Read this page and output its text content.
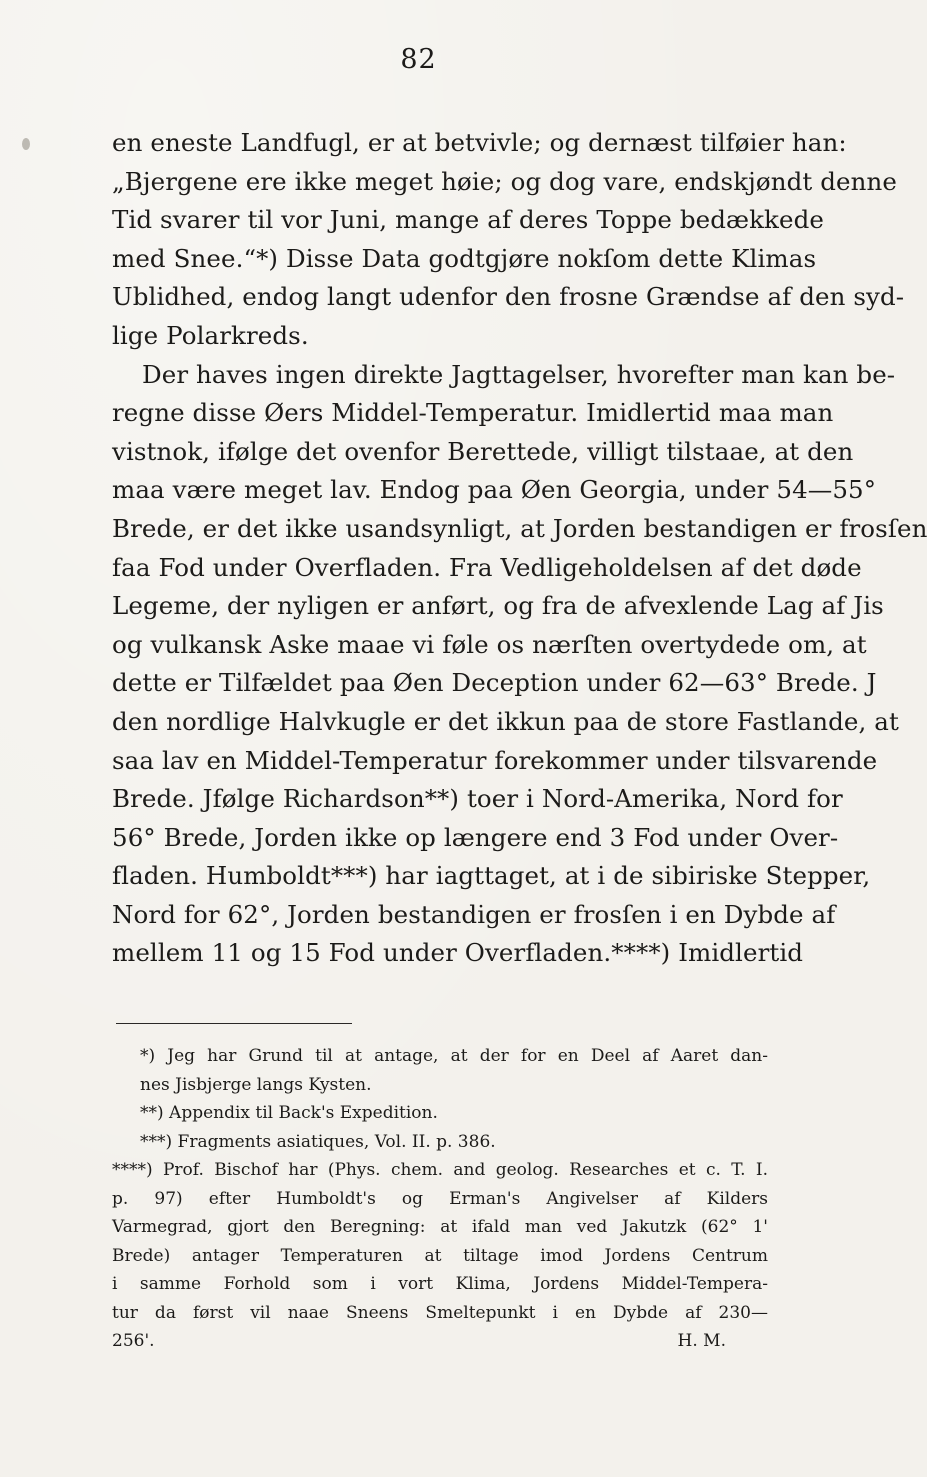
82
en eneste Landfugl, er at betvivle; og dernæst tilføier han:
„Bjergene ere ikke meget høie; og dog vare, endskjøndt denne
Tid svarer til vor Juni, mange af deres Toppe bedækkede
med Snee.“*) Disse Data godtgjøre nokſom dette Klimas
Ublidhed, endog langt udenfor den frosne Grændse af den syd-
lige Polarkreds.
Der haves ingen direkte Jagttagelser, hvorefter man kan be-
regne disse Øers Middel-Temperatur. Imidlertid maa man
vistnok, ifølge det ovenfor Berettede, villigt tilstaae, at den
maa være meget lav. Endog paa Øen Georgia, under 54—55°
Brede, er det ikke usandsynligt, at Jorden bestandigen er frosſen
faa Fod under Overfladen. Fra Vedligeholdelsen af det døde
Legeme, der nyligen er anført, og fra de afvexlende Lag af Jis
og vulkansk Aske maae vi føle os nærſten overtydede om, at
dette er Tilfældet paa Øen Deception under 62—63° Brede. J
den nordlige Halvkugle er det ikkun paa de store Fastlande, at
saa lav en Middel-Temperatur forekommer under tilsvarende
Brede. Jfølge Richardson**) toer i Nord-Amerika, Nord for
56° Brede, Jorden ikke op længere end 3 Fod under Over-
fladen. Humboldt***) har iagttaget, at i de sibiriske Stepper,
Nord for 62°, Jorden bestandigen er frosſen i en Dybde af
mellem 11 og 15 Fod under Overfladen.****) Imidlertid
*) Jeg har Grund til at antage, at der for en Deel af Aaret dan-
nes Jisbjerge langs Kysten.
**) Appendix til Back's Expedition.
***) Fragments asiatiques, Vol. II. p. 386.
****) Prof. Bischof har (Phys. chem. and geolog. Researches et c. T. I.
p. 97) efter Humboldt's og Erman's Angivelser af Kilders
Varmegrad, gjort den Beregning: at ifald man ved Jakutzk (62° 1'
Brede) antager Temperaturen at tiltage imod Jordens Centrum
i samme Forhold som i vort Klima, Jordens Middel-Tempera-
tur da først vil naae Sneens Smeltepunkt i en Dybde af 230—
256'.	H. M.
